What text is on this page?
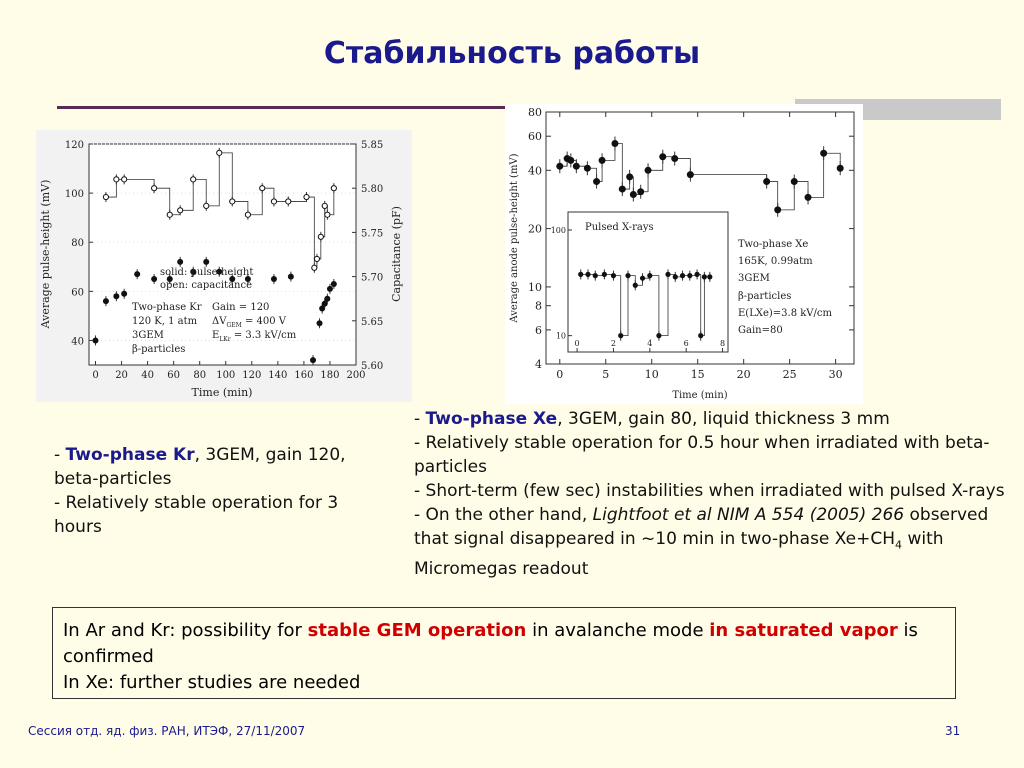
Стабильность работы
0 20 40 60 80 100 120 140 160 180 200
40
60
80
100
120
5.60
5.65
5.70
5.75
5.80
5.85
Average pulse-height (mV)	Capacitance (pF)
Time (min)
solid: pulse-height
open: capacitance
Two-phase Kr
120 K, 1 atm
3GEM
β-particles
Gain = 120
$\Delta V_{GEM} = 400$ V
$E_{LKr} = 3.3$ kV/cm
0	5	10	15	20	25	30
4
6
8
10
20
40
60
80
0	2	4	6	8
10
100 Pulsed X-rays
Average anode pulse-height (mV)
Time (min)
Two-phase Xe
165K, 0.99atm
3GEM
β-particles
E(LXe)=3.8 kV/cm
Gain=80
- Two-phase Kr, 3GEM, gain 120, beta-particles
- Relatively stable operation for 3 hours
- Two-phase Xe, 3GEM, gain 80, liquid thickness 3 mm
- Relatively stable operation for 0.5 hour when irradiated with beta-particles
- Short-term (few sec) instabilities when irradiated with pulsed X-rays
- On the other hand, Lightfoot et al NIM A 554 (2005) 266 observed that signal disappeared in ~10 min in two-phase $Xe+CH_4$ with Micromegas readout
In Ar and Kr: possibility for stable GEM operation in avalanche mode in saturated vapor is confirmed
In Xe: further studies are needed
Сессия отд. яд. физ. РАН, ИТЭФ, 27/11/2007	31
